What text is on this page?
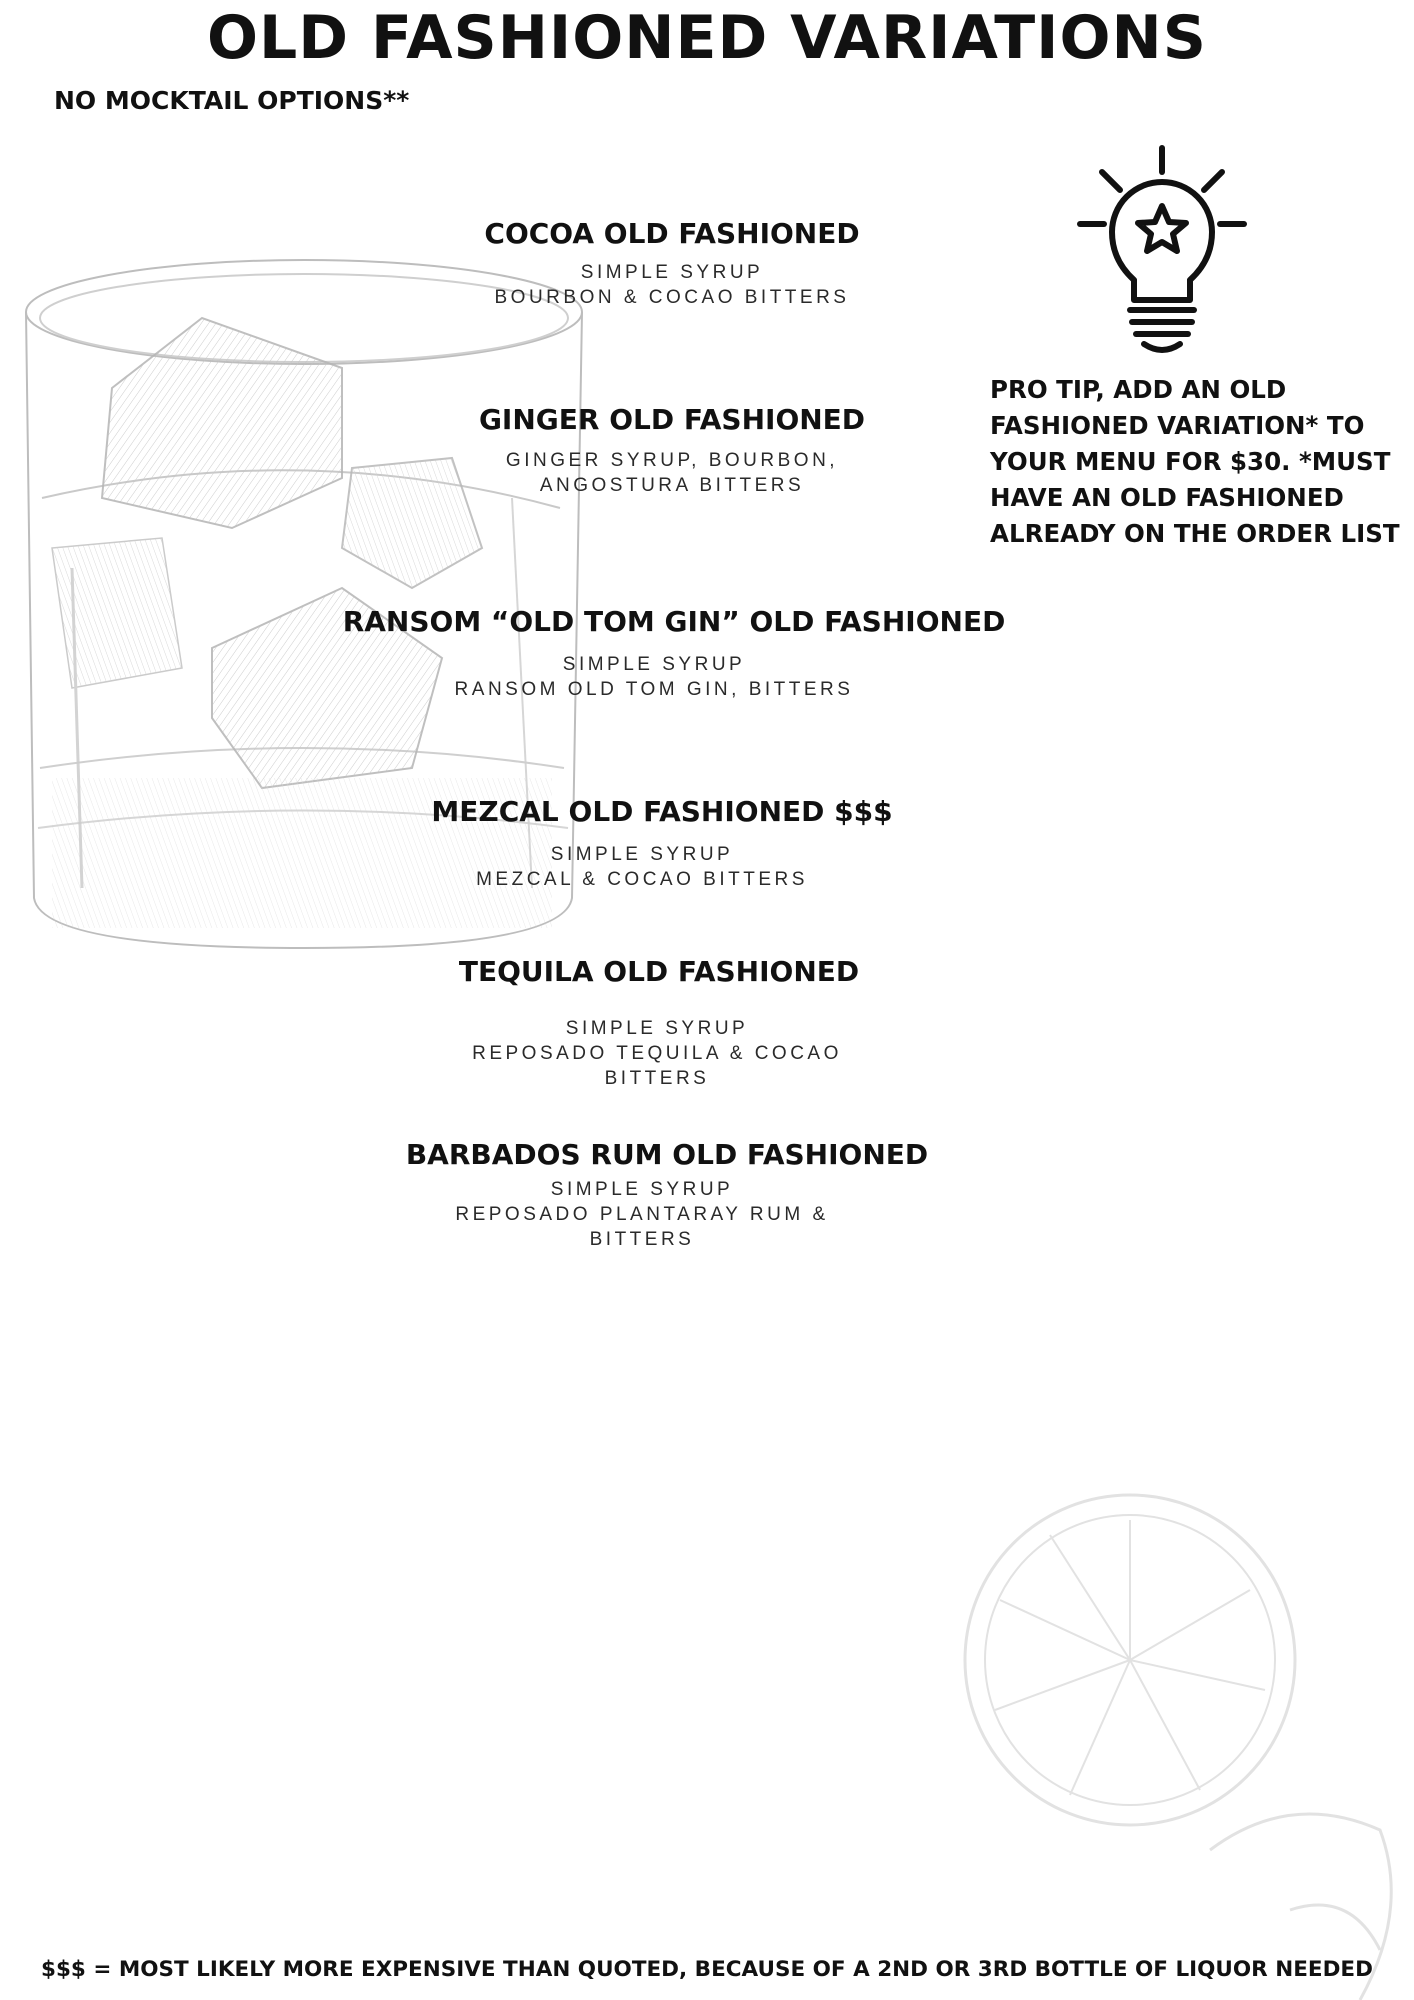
OLD FASHIONED VARIATIONS
NO MOCKTAIL OPTIONS**
COCOA OLD FASHIONED
SIMPLE SYRUP
BOURBON & COCAO BITTERS
GINGER OLD FASHIONED
GINGER SYRUP, BOURBON,
ANGOSTURA BITTERS
RANSOM “OLD TOM GIN” OLD FASHIONED
SIMPLE SYRUP
RANSOM OLD TOM GIN, BITTERS
MEZCAL OLD FASHIONED $$$
SIMPLE SYRUP
MEZCAL & COCAO BITTERS
TEQUILA OLD FASHIONED
SIMPLE SYRUP
REPOSADO TEQUILA & COCAO
BITTERS
BARBADOS RUM OLD FASHIONED
SIMPLE SYRUP
REPOSADO PLANTARAY RUM &
BITTERS
PRO TIP, ADD AN OLD
FASHIONED VARIATION* TO
YOUR MENU FOR $30. *MUST
HAVE AN OLD FASHIONED
ALREADY ON THE ORDER LIST
$$$ = MOST LIKELY MORE EXPENSIVE THAN QUOTED, BECAUSE OF A 2ND OR 3RD BOTTLE OF LIQUOR NEEDED
